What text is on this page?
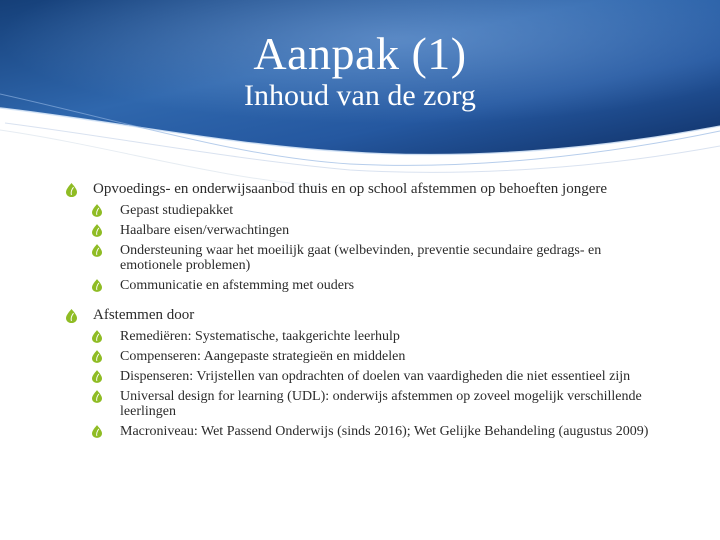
Aanpak (1)
Inhoud van de zorg
Opvoedings- en onderwijsaanbod thuis en op school afstemmen op behoeften jongere
Gepast studiepakket
Haalbare eisen/verwachtingen
Ondersteuning waar het moeilijk gaat (welbevinden, preventie secundaire gedrags- en emotionele problemen)
Communicatie en afstemming met ouders
Afstemmen door
Remediëren: Systematische, taakgerichte leerhulp
Compenseren: Aangepaste strategieën en middelen
Dispenseren: Vrijstellen van opdrachten of doelen van vaardigheden die niet essentieel zijn
Universal design for learning (UDL): onderwijs afstemmen op zoveel mogelijk verschillende leerlingen
Macroniveau: Wet Passend Onderwijs (sinds 2016); Wet Gelijke Behandeling (augustus 2009)
